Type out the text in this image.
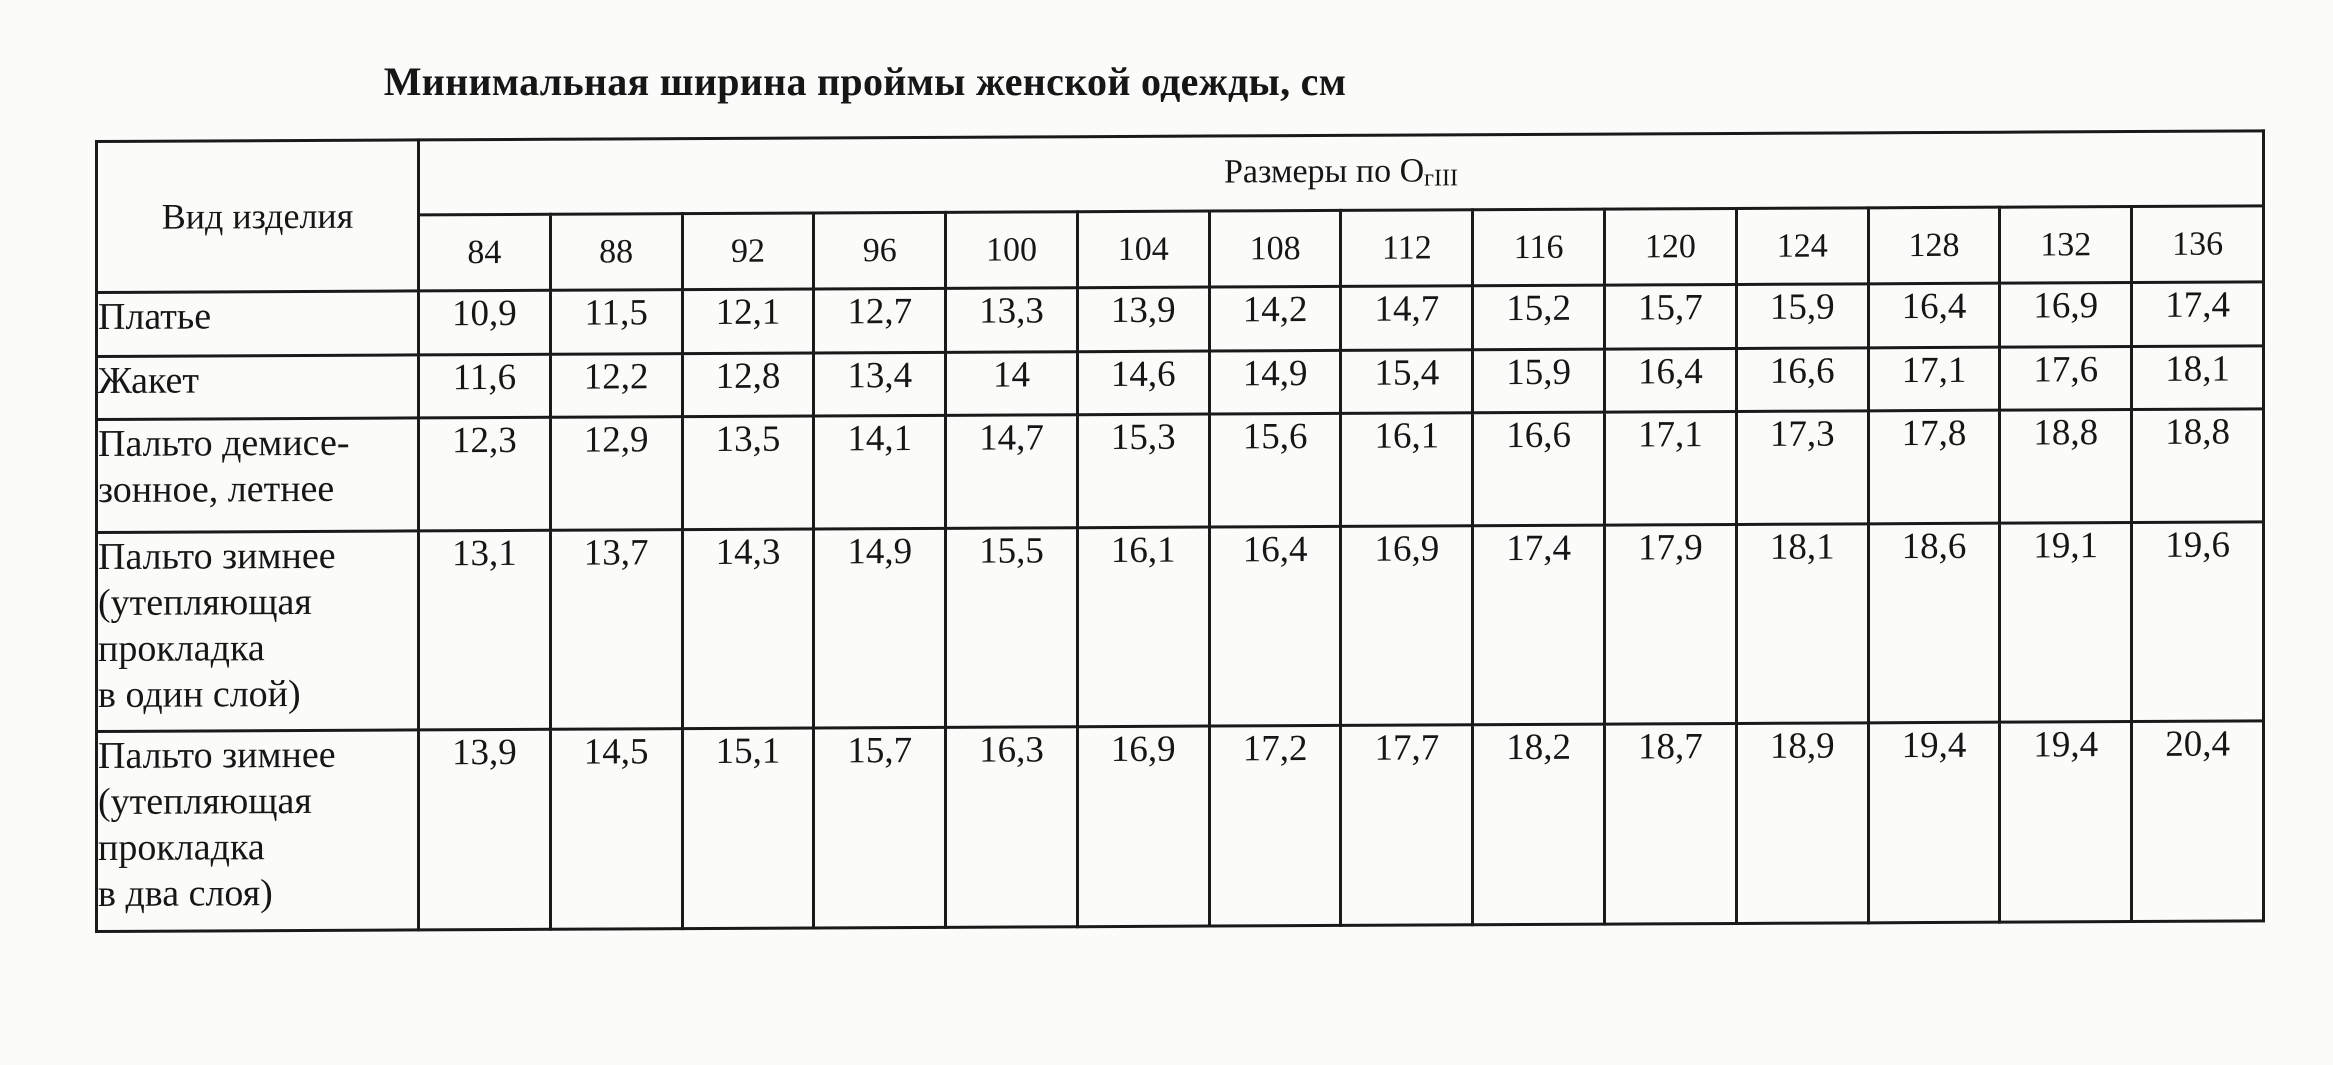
Минимальная ширина проймы женской одежды, см
Вид изделия	Размеры по $О_{гIII}$
	84	88	92	96	100	104	108	112	116	120	124	128	132	136

Платье	10,9	11,5	12,1	12,7	13,3	13,9	14,2	14,7	15,2	15,7	15,9	16,4	16,9	17,4

Жакет	11,6	12,2	12,8	13,4	14	14,6	14,9	15,4	15,9	16,4	16,6	17,1	17,6	18,1

Пальто демисе-
зонное, летнее	12,3	12,9	13,5	14,1	14,7	15,3	15,6	16,1	16,6	17,1	17,3	17,8	18,8	18,8

Пальто зимнее
(утепляющая
прокладка
в один слой)	13,1	13,7	14,3	14,9	15,5	16,1	16,4	16,9	17,4	17,9	18,1	18,6	19,1	19,6

Пальто зимнее
(утепляющая
прокладка
в два слоя)	13,9	14,5	15,1	15,7	16,3	16,9	17,2	17,7	18,2	18,7	18,9	19,4	19,4	20,4
